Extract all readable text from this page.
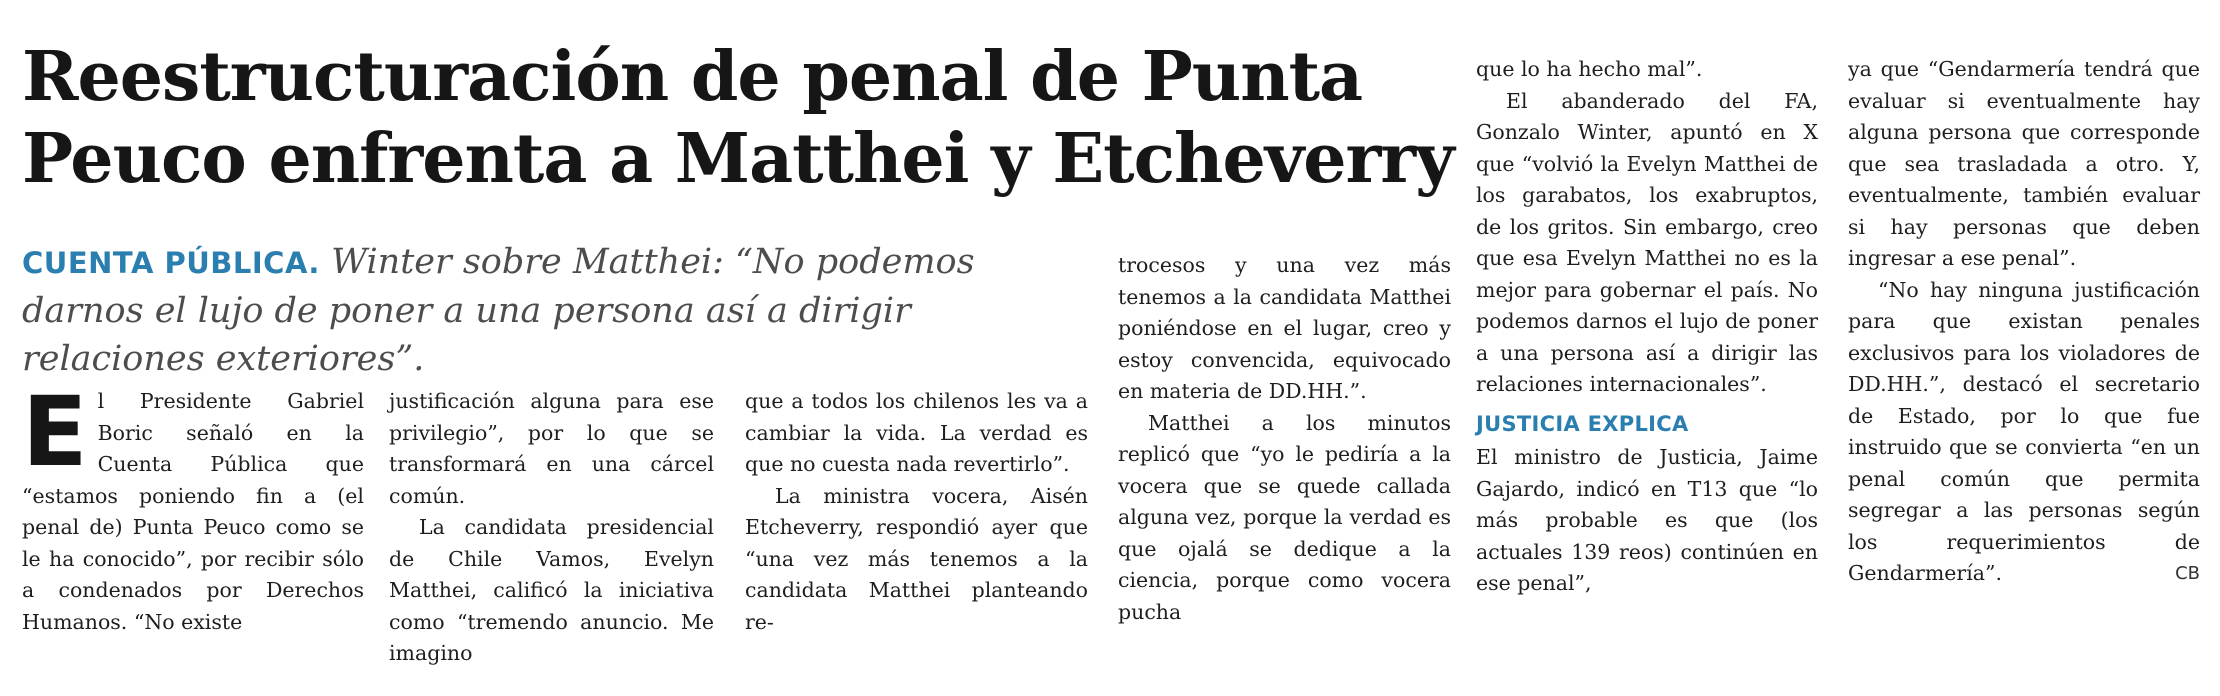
Reestructuración de penal de Punta
Peuco enfrenta a Matthei y Etcheverry

CUENTA PÚBLICA. Winter sobre Matthei: “No podemos darnos el lujo de poner a una persona así a dirigir relaciones exteriores”.

El Presidente Gabriel Boric señaló en la Cuenta Pública que “estamos poniendo fin a (el penal de) Punta Peuco como se le ha conocido”, por recibir sólo a condenados por Derechos Humanos. “No existe

justificación alguna para ese privilegio”, por lo que se transformará en una cárcel común.

La candidata presidencial de Chile Vamos, Evelyn Matthei, calificó la iniciativa como “tremendo anuncio. Me imagino

que a todos los chilenos les va a cambiar la vida. La verdad es que no cuesta nada revertirlo”.

La ministra vocera, Aisén Etcheverry, respondió ayer que “una vez más tenemos a la candidata Matthei planteando re-

trocesos y una vez más tenemos a la candidata Matthei poniéndose en el lugar, creo y estoy convencida, equivocado en materia de DD.HH.”.

Matthei a los minutos replicó que “yo le pediría a la vocera que se quede callada alguna vez, porque la verdad es que ojalá se dedique a la ciencia, porque como vocera pucha

que lo ha hecho mal”.

El abanderado del FA, Gonzalo Winter, apuntó en X que “volvió la Evelyn Matthei de los garabatos, los exabruptos, de los gritos. Sin embargo, creo que esa Evelyn Matthei no es la mejor para gobernar el país. No podemos darnos el lujo de poner a una persona así a dirigir las relaciones internacionales”.

JUSTICIA EXPLICA

El ministro de Justicia, Jaime Gajardo, indicó en T13 que “lo más probable es que (los actuales 139 reos) continúen en ese penal”,

ya que “Gendarmería tendrá que evaluar si eventualmente hay alguna persona que corresponde que sea trasladada a otro. Y, eventualmente, también evaluar si hay personas que deben ingresar a ese penal”.

“No hay ninguna justificación para que existan penales exclusivos para los violadores de DD.HH.”, destacó el secretario de Estado, por lo que fue instruido que se convierta “en un penal común que permita segregar a las personas según los requerimientos de Gendarmería”.	CB
